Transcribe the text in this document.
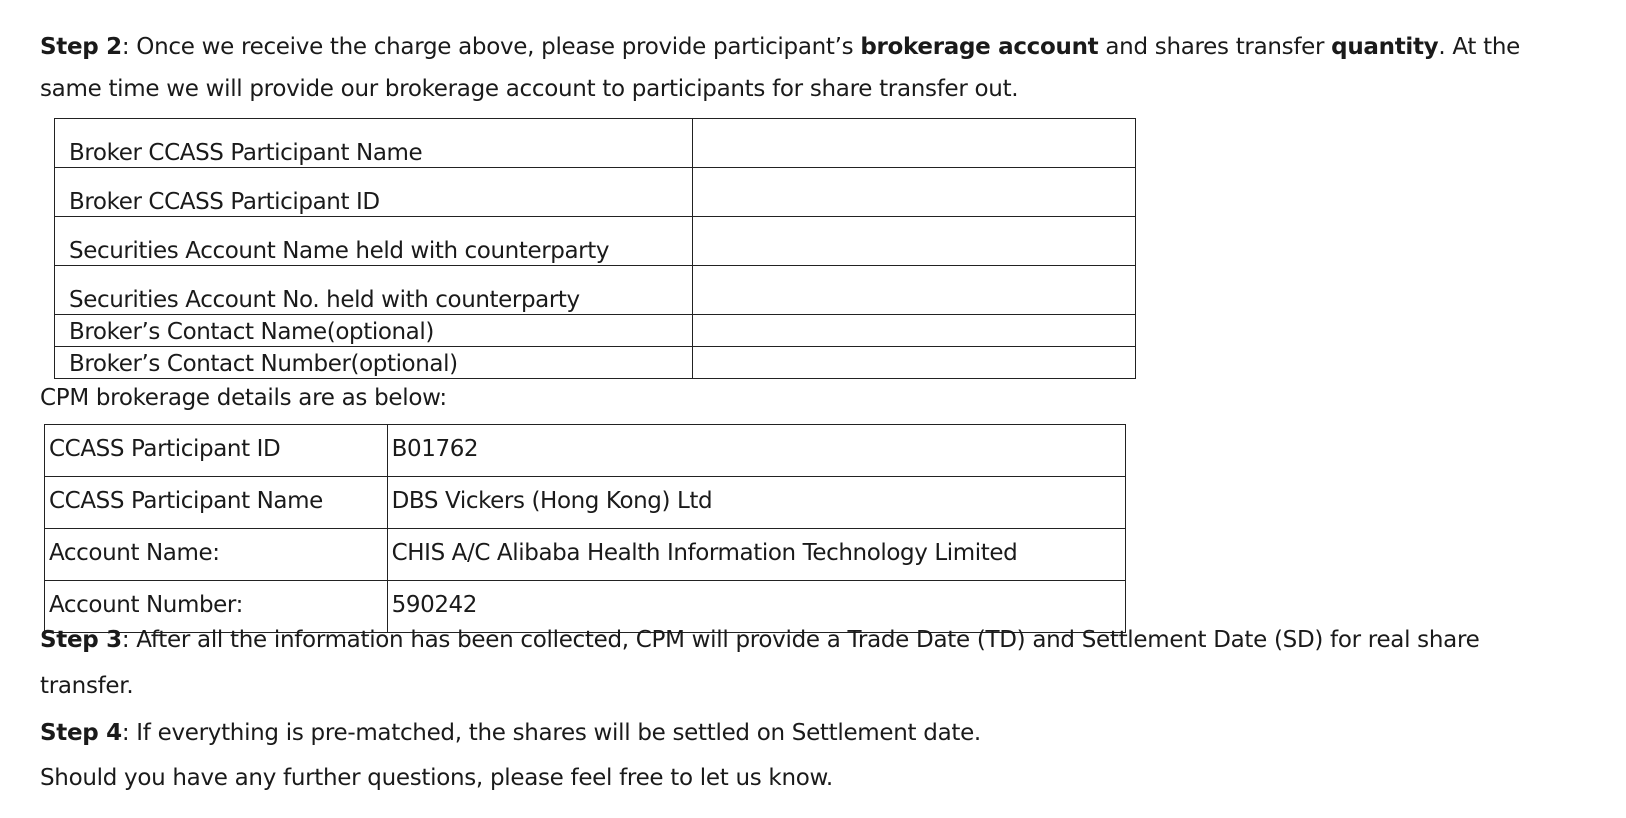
Step 2: Once we receive the charge above, please provide participant’s brokerage account and shares transfer quantity. At the
same time we will provide our brokerage account to participants for share transfer out.

Broker CCASS Participant Name	
Broker CCASS Participant ID	
Securities Account Name held with counterparty	
Securities Account No. held with counterparty	
Broker’s Contact Name(optional)	
Broker’s Contact Number(optional)	

CPM brokerage details are as below:

CCASS Participant ID	B01762
CCASS Participant Name	DBS Vickers (Hong Kong) Ltd
Account Name:	CHIS A/C Alibaba Health Information Technology Limited
Account Number:	590242

Step 3: After all the information has been collected, CPM will provide a Trade Date (TD) and Settlement Date (SD) for real share
transfer.

Step 4: If everything is pre-matched, the shares will be settled on Settlement date.

Should you have any further questions, please feel free to let us know.
